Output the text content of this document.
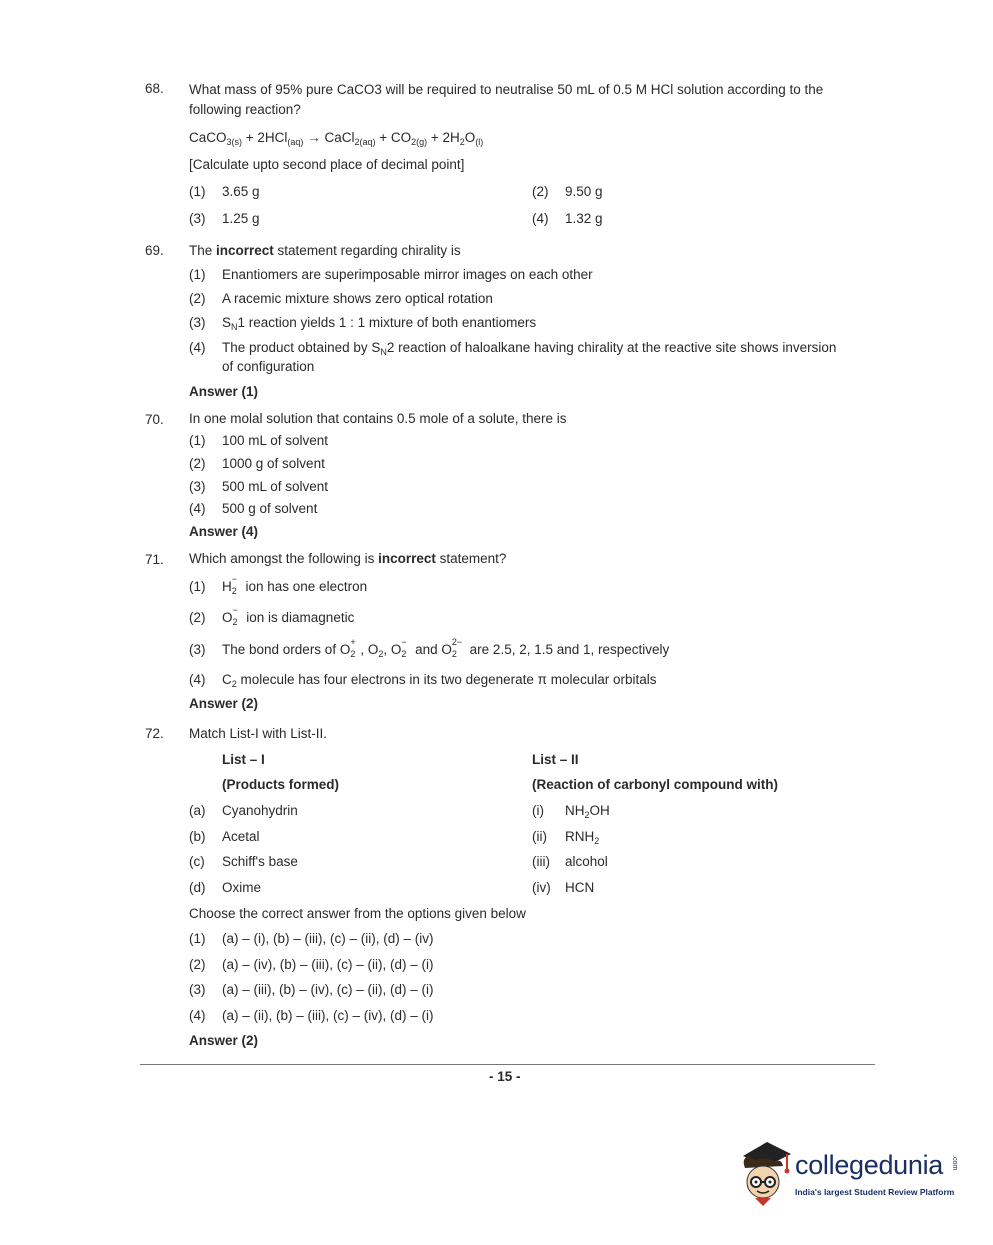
68. What mass of 95% pure CaCO3 will be required to neutralise 50 mL of 0.5 M HCl solution according to the
following reaction?
CaCO$_{3(s)}$ + 2HCl$_{(aq)}$ → CaCl$_{2(aq)}$ + $CO_{2(g)} + 2H_2O_{(l)}$
[Calculate upto second place of decimal point]
(1) 3.65 g	(2) 9.50 g
(3) 1.25 g	(4) 1.32 g
69. The incorrect statement regarding chirality is
(1) Enantiomers are superimposable mirror images on each other
(2) A racemic mixture shows zero optical rotation
(3) $S_N1$ reaction yields 1 : 1 mixture of both enantiomers
(4) The product obtained by $S_N2$ reaction of haloalkane having chirality at the reactive site shows inversion
of configuration
Answer (1)
70. In one molal solution that contains 0.5 mole of a solute, there is
(1) 100 mL of solvent
(2) 1000 g of solvent
(3) 500 mL of solvent
(4) 500 g of solvent
Answer (4)
71. Which amongst the following is incorrect statement?
(1) H −
2 ion has one electron
(2) O −
2 ion is diamagnetic
(3) The bond orders of O +
2 , $O_2$, O −
2 and O 2−
2 are 2.5, 2, 1.5 and 1, respectively
(4) $C_2$ molecule has four electrons in its two degenerate π molecular orbitals
Answer (2)
72. Match List-I with List-II.
List – I	List – II
(Products formed)	(Reaction of carbonyl compound with)
(a) Cyanohydrin	(i) $NH_2OH$
(b) Acetal	(ii) $RNH_2$
(c) Schiff's base	(iii) alcohol
(d) Oxime	(iv) HCN
Choose the correct answer from the options given below
(1) (a) – (i), (b) – (iii), (c) – (ii), (d) – (iv)
(2) (a) – (iv), (b) – (iii), (c) – (ii), (d) – (i)
(3) (a) – (iii), (b) – (iv), (c) – (ii), (d) – (i)
(4) (a) – (ii), (b) – (iii), (c) – (iv), (d) – (i)
Answer (2)
- 15 -
collegedunia .com
India's largest Student Review Platform
